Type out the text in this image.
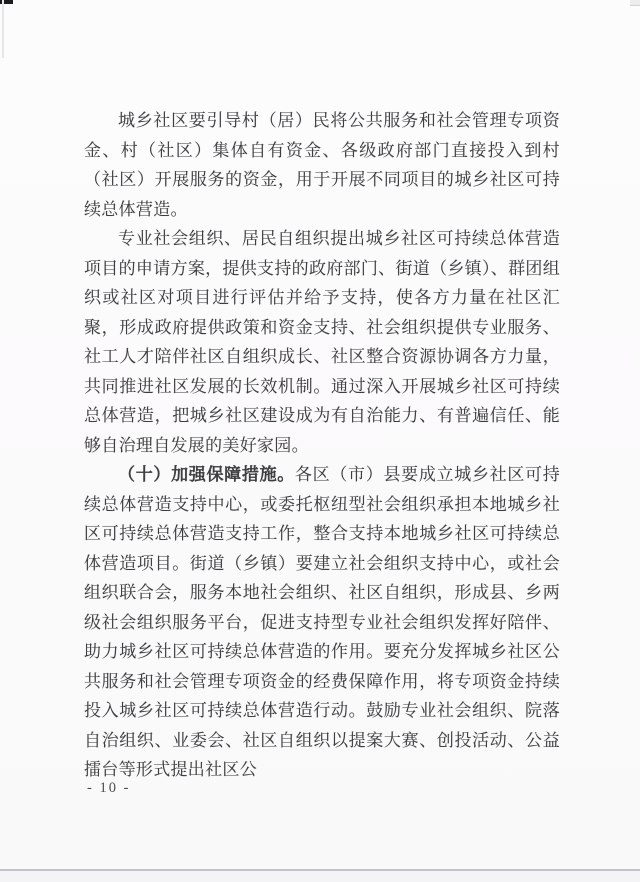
城乡社区要引导村（居）民将公共服务和社会管理专项资金、村（社区）集体自有资金、各级政府部门直接投入到村（社区）开展服务的资金，用于开展不同项目的城乡社区可持续总体营造。

专业社会组织、居民自组织提出城乡社区可持续总体营造项目的申请方案，提供支持的政府部门、街道（乡镇）、群团组织或社区对项目进行评估并给予支持，使各方力量在社区汇聚，形成政府提供政策和资金支持、社会组织提供专业服务、社工人才陪伴社区自组织成长、社区整合资源协调各方力量，共同推进社区发展的长效机制。通过深入开展城乡社区可持续总体营造，把城乡社区建设成为有自治能力、有普遍信任、能够自治理自发展的美好家园。

（十）加强保障措施。各区（市）县要成立城乡社区可持续总体营造支持中心，或委托枢纽型社会组织承担本地城乡社区可持续总体营造支持工作，整合支持本地城乡社区可持续总体营造项目。街道（乡镇）要建立社会组织支持中心，或社会组织联合会，服务本地社会组织、社区自组织，形成县、乡两级社会组织服务平台，促进支持型专业社会组织发挥好陪伴、助力城乡社区可持续总体营造的作用。要充分发挥城乡社区公共服务和社会管理专项资金的经费保障作用，将专项资金持续投入城乡社区可持续总体营造行动。鼓励专业社会组织、院落自治组织、业委会、社区自组织以提案大赛、创投活动、公益擂台等形式提出社区公

- 10 -
